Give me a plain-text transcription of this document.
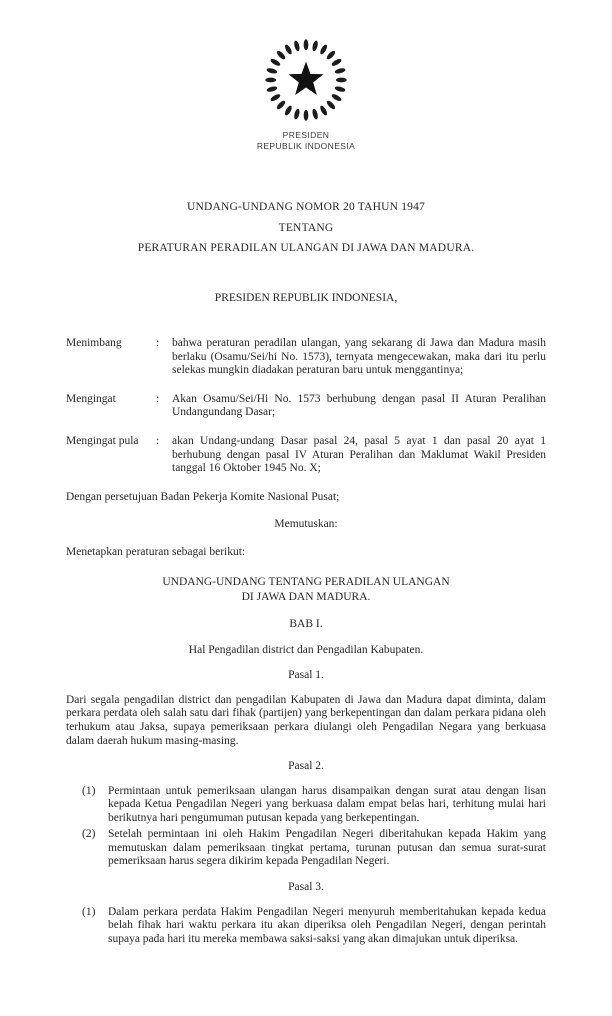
PRESIDEN
REPUBLIK INDONESIA
UNDANG-UNDANG NOMOR 20 TAHUN 1947
TENTANG
PERATURAN PERADILAN ULANGAN DI JAWA DAN MADURA.

PRESIDEN REPUBLIK INDONESIA,

Menimbang	:	bahwa peraturan peradilan ulangan, yang sekarang di Jawa dan Madura masih berlaku (Osamu/Sei/hi No. 1573), ternyata mengecewakan, maka dari itu perlu selekas mungkin diadakan peraturan baru untuk menggantinya;
Mengingat	:	Akan Osamu/Sei/Hi No. 1573 berhubung dengan pasal II Aturan Peralihan Undangundang Dasar;
Mengingat pula	:	akan Undang-undang Dasar pasal 24, pasal 5 ayat 1 dan pasal 20 ayat 1 berhubung dengan pasal IV Aturan Peralihan dan Maklumat Wakil Presiden tanggal 16 Oktober 1945 No. X;

Dengan persetujuan Badan Pekerja Komite Nasional Pusat;

Memutuskan:

Menetapkan peraturan sebagai berikut:

UNDANG-UNDANG TENTANG PERADILAN ULANGAN
DI JAWA DAN MADURA.

BAB I.

Hal Pengadilan district dan Pengadilan Kabupaten.

Pasal 1.

Dari segala pengadilan district dan pengadilan Kabupaten di Jawa dan Madura dapat diminta, dalam perkara perdata oleh salah satu dari fihak (partijen) yang berkepentingan dan dalam perkara pidana oleh terhukum atau Jaksa, supaya pemeriksaan perkara diulangi oleh Pengadilan Negara yang berkuasa dalam daerah hukum masing-masing.

Pasal 2.

(1)	Permintaan untuk pemeriksaan ulangan harus disampaikan dengan surat atau dengan lisan kepada Ketua Pengadilan Negeri yang berkuasa dalam empat belas hari, terhitung mulai hari berikutnya hari pengumuman putusan kepada yang berkepentingan.
(2)	Setelah permintaan ini oleh Hakim Pengadilan Negeri diberitahukan kepada Hakim yang memutuskan dalam pemeriksaan tingkat pertama, turunan putusan dan semua surat-surat pemeriksaan harus segera dikirim kepada Pengadilan Negeri.

Pasal 3.

(1)	Dalam perkara perdata Hakim Pengadilan Negeri menyuruh memberitahukan kepada kedua belah fihak hari waktu perkara itu akan diperiksa oleh Pengadilan Negeri, dengan perintah supaya pada hari itu mereka membawa saksi-saksi yang akan dimajukan untuk diperiksa.
